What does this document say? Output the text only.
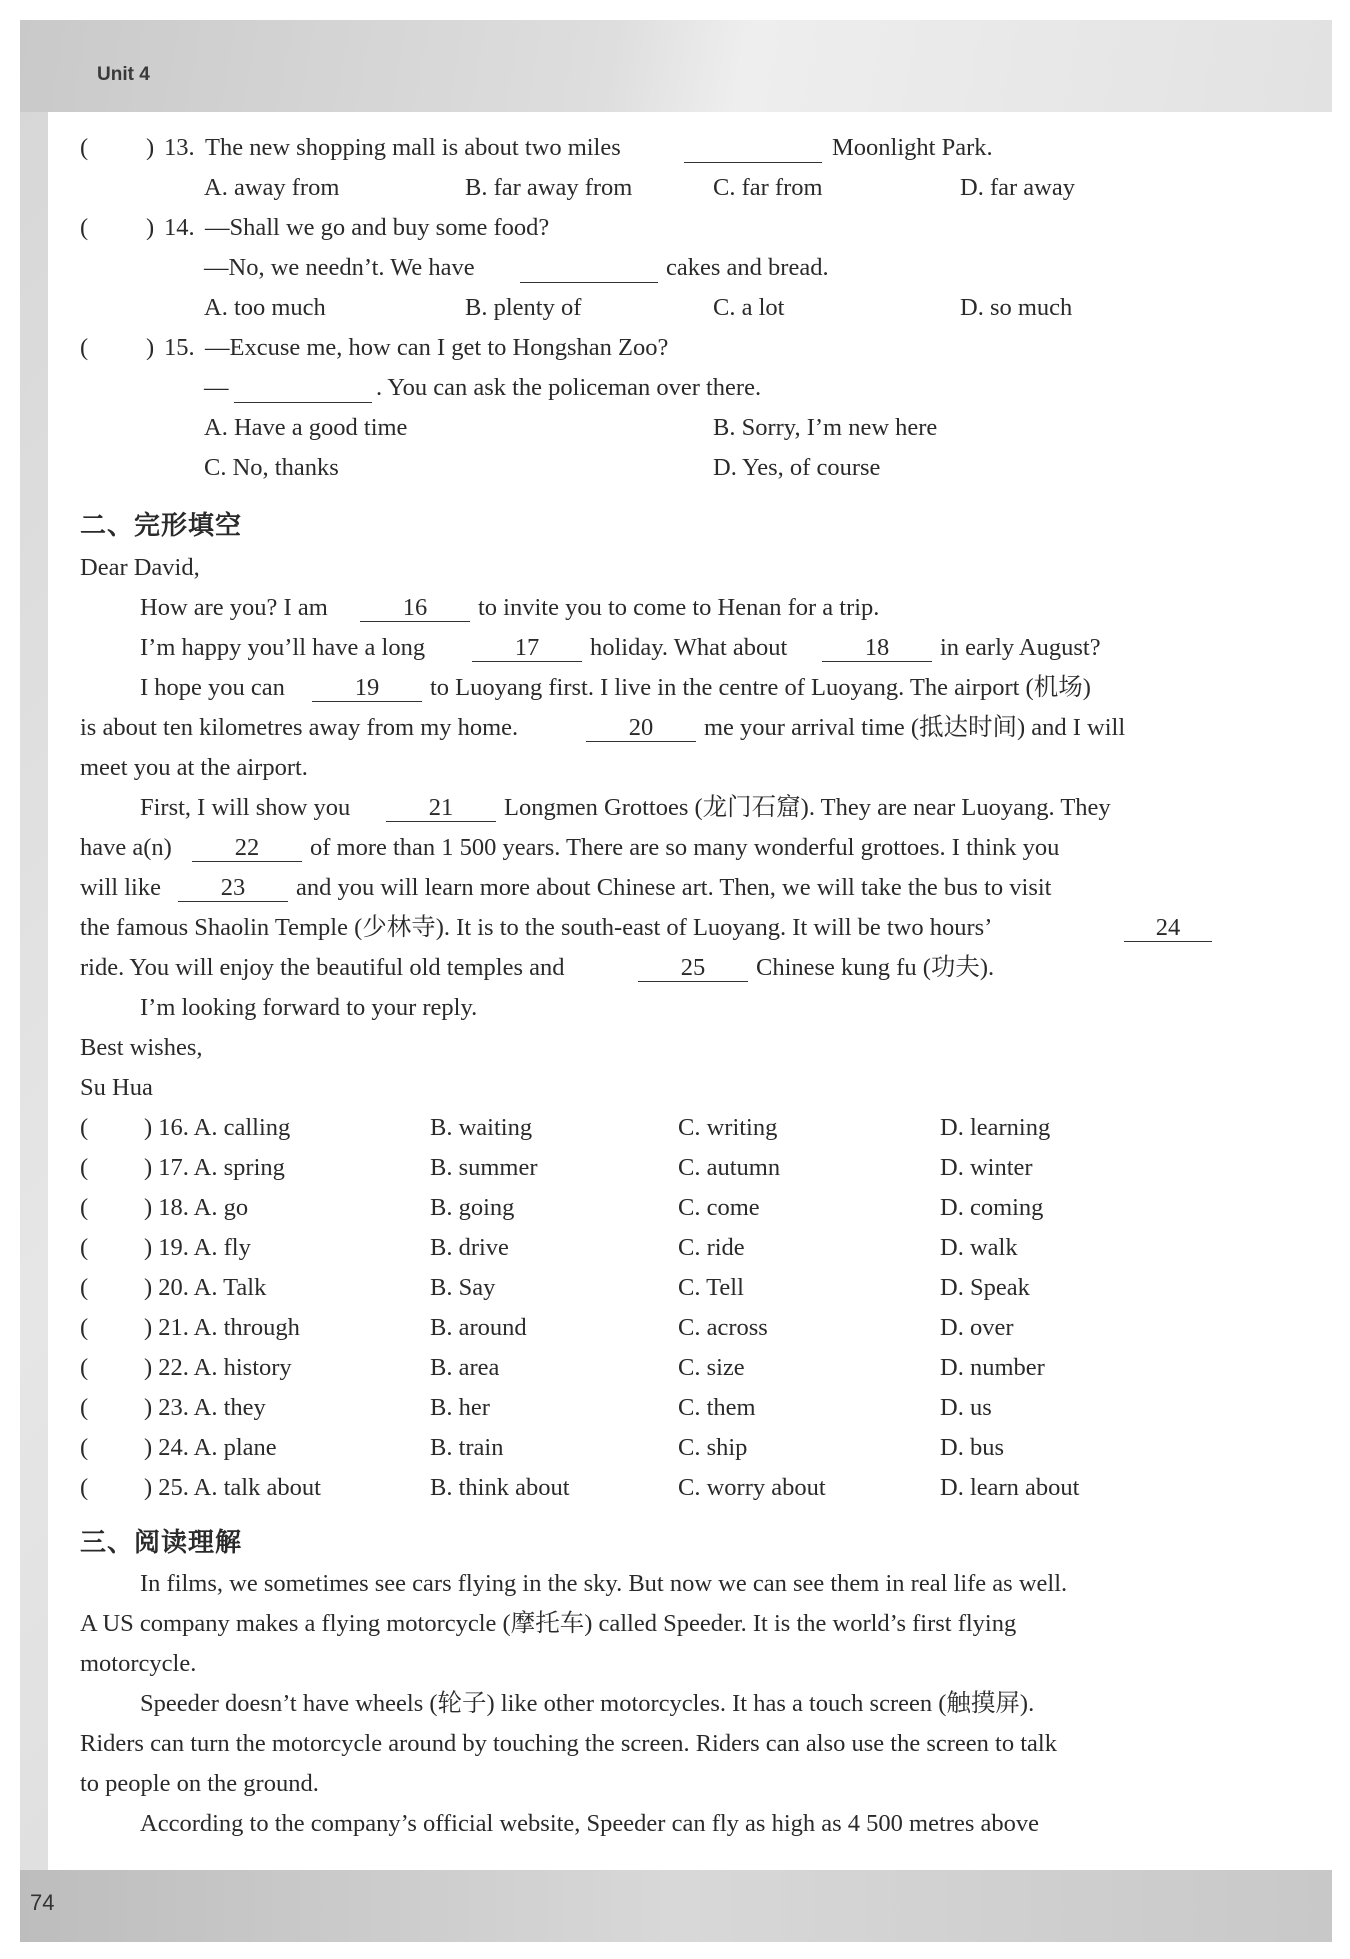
Unit 4
74
( ) 13. The new shopping mall is about two miles	Moonlight Park.
A. away from	B. far away from	C. far from	D. far away
( ) 14. —Shall we go and buy some food?
—No, we needn’t. We have	cakes and bread.
A. too much	B. plenty of	C. a lot	D. so much
( ) 15. —Excuse me, how can I get to Hongshan Zoo?
—	. You can ask the policeman over there.
A. Have a good time	B. Sorry, I’m new here
C. No, thanks	D. Yes, of course
二、完形填空
Dear David,
How are you? I am	16	to invite you to come to Henan for a trip.
I’m happy you’ll have a long	17	holiday. What about	18	in early August?
I hope you can	19	to Luoyang first. I live in the centre of Luoyang. The airport (机场)
is about ten kilometres away from my home.	20	me your arrival time (抵达时间) and I will
meet you at the airport.
First, I will show you	21	Longmen Grottoes (龙门石窟). They are near Luoyang. They
have a(n)	22	of more than 1 500 years. There are so many wonderful grottoes. I think you
will like	23	and you will learn more about Chinese art. Then, we will take the bus to visit
the famous Shaolin Temple (少林寺). It is to the south-east of Luoyang. It will be two hours’	24
ride. You will enjoy the beautiful old temples and	25	Chinese kung fu (功夫).
I’m looking forward to your reply.
Best wishes,
Su Hua
( ) 16. A. calling	B. waiting	C. writing	D. learning
( ) 17. A. spring	B. summer	C. autumn	D. winter
( ) 18. A. go	B. going	C. come	D. coming
( ) 19. A. fly	B. drive	C. ride	D. walk
( ) 20. A. Talk	B. Say	C. Tell	D. Speak
( ) 21. A. through	B. around	C. across	D. over
( ) 22. A. history	B. area	C. size	D. number
( ) 23. A. they	B. her	C. them	D. us
( ) 24. A. plane	B. train	C. ship	D. bus
( ) 25. A. talk about	B. think about	C. worry about	D. learn about
三、阅读理解
In films, we sometimes see cars flying in the sky. But now we can see them in real life as well.
A US company makes a flying motorcycle (摩托车) called Speeder. It is the world’s first flying
motorcycle.
Speeder doesn’t have wheels (轮子) like other motorcycles. It has a touch screen (触摸屏).
Riders can turn the motorcycle around by touching the screen. Riders can also use the screen to talk
to people on the ground.
According to the company’s official website, Speeder can fly as high as 4 500 metres above
